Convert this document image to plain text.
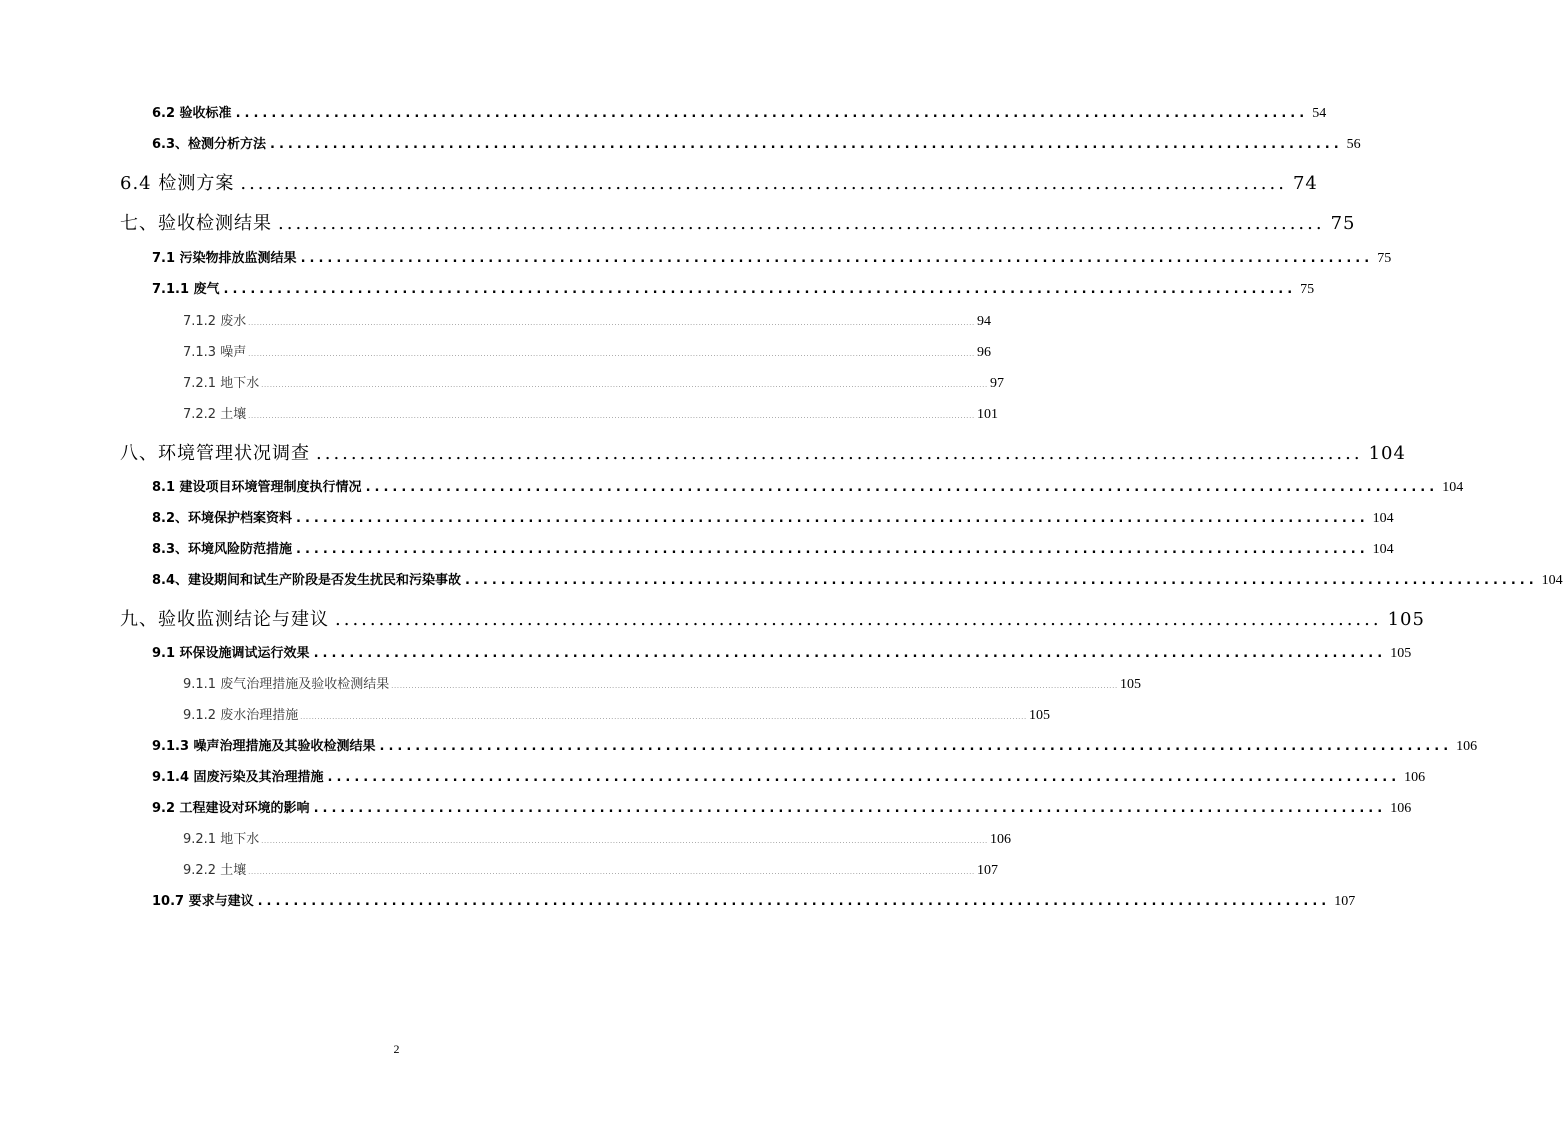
6.2 验收标准 ........................................................................................................................ 54
6.3、检测分析方法 ........................................................................................................................ 56
6.4 检测方案 ........................................................................................................................ 74
七、验收检测结果 ........................................................................................................................ 75
7.1 污染物排放监测结果 ........................................................................................................................ 75
7.1.1 废气 ........................................................................................................................ 75
7.1.2 废水 .......................................................................................................................................................................................................................................................... 94
7.1.3 噪声 .......................................................................................................................................................................................................................................................... 96
7.2.1 地下水 .......................................................................................................................................................................................................................................................... 97
7.2.2 土壤 .......................................................................................................................................................................................................................................................... 101
八、环境管理状况调查 ........................................................................................................................ 104
8.1 建设项目环境管理制度执行情况 ........................................................................................................................ 104
8.2、环境保护档案资料 ........................................................................................................................ 104
8.3、环境风险防范措施 ........................................................................................................................ 104
8.4、建设期间和试生产阶段是否发生扰民和污染事故 ........................................................................................................................ 104
九、验收监测结论与建议 ........................................................................................................................ 105
9.1 环保设施调试运行效果 ........................................................................................................................ 105
9.1.1 废气治理措施及验收检测结果 .......................................................................................................................................................................................................................................................... 105
9.1.2 废水治理措施 .......................................................................................................................................................................................................................................................... 105
9.1.3 噪声治理措施及其验收检测结果 ........................................................................................................................ 106
9.1.4 固废污染及其治理措施 ........................................................................................................................ 106
9.2 工程建设对环境的影响 ........................................................................................................................ 106
9.2.1 地下水 .......................................................................................................................................................................................................................................................... 106
9.2.2 土壤 .......................................................................................................................................................................................................................................................... 107
10.7 要求与建议 ........................................................................................................................ 107
2
